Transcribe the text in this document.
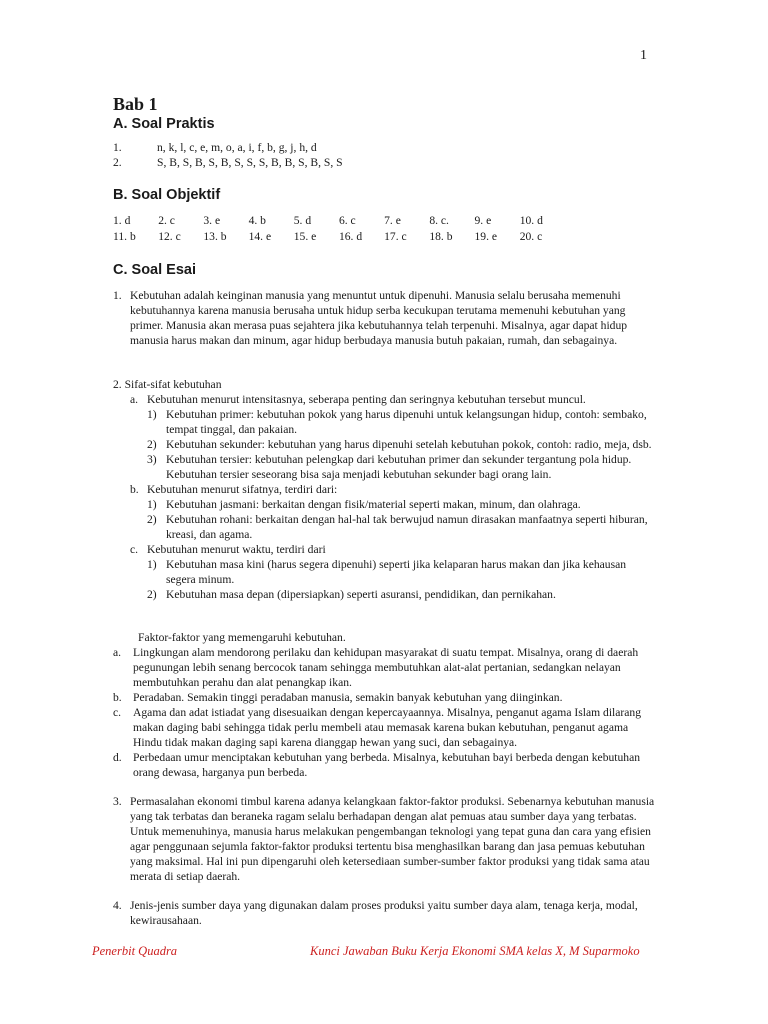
1
Bab 1
A. Soal Praktis
1.	n, k, l, c, e, m, o, a, i, f, b, g, j, h, d
2.	S, B, S, B, S, B, S, S, S, B, B, S, B, S, S
B. Soal Objektif
1. d 2. c 3. e 4. b 5. d 6. c 7. e 8. c. 9. e 10. d
11. b 12. c 13. b 14. e 15. e 16. d 17. c 18. b 19. e 20. c
C. Soal Esai
1. Kebutuhan adalah keinginan manusia yang menuntut untuk dipenuhi. Manusia selalu berusaha memenuhi kebutuhannya karena manusia berusaha untuk hidup serba kecukupan terutama memenuhi kebutuhan yang primer. Manusia akan merasa puas sejahtera jika kebutuhannya telah terpenuhi. Misalnya, agar dapat hidup manusia harus makan dan minum, agar hidup berbudaya manusia butuh pakaian, rumah, dan sebagainya.
2. Sifat-sifat kebutuhan
a. Kebutuhan menurut intensitasnya, seberapa penting dan seringnya kebutuhan tersebut muncul.
1) Kebutuhan primer: kebutuhan pokok yang harus dipenuhi untuk kelangsungan hidup, contoh: sembako, tempat tinggal, dan pakaian.
2) Kebutuhan sekunder: kebutuhan yang harus dipenuhi setelah kebutuhan pokok, contoh: radio, meja, dsb.
3) Kebutuhan tersier: kebutuhan pelengkap dari kebutuhan primer dan sekunder tergantung pola hidup. Kebutuhan tersier seseorang bisa saja menjadi kebutuhan sekunder bagi orang lain.
b. Kebutuhan menurut sifatnya, terdiri dari:
1) Kebutuhan jasmani: berkaitan dengan fisik/material seperti makan, minum, dan olahraga.
2) Kebutuhan rohani: berkaitan dengan hal-hal tak berwujud namun dirasakan manfaatnya seperti hiburan, kreasi, dan agama.
c. Kebutuhan menurut waktu, terdiri dari
1) Kebutuhan masa kini (harus segera dipenuhi) seperti jika kelaparan harus makan dan jika kehausan segera minum.
2) Kebutuhan masa depan (dipersiapkan) seperti asuransi, pendidikan, dan pernikahan.
Faktor-faktor yang memengaruhi kebutuhan.
a.	Lingkungan alam mendorong perilaku dan kehidupan masyarakat di suatu tempat. Misalnya, orang di daerah pegunungan lebih senang bercocok tanam sehingga membutuhkan alat-alat pertanian, sedangkan nelayan membutuhkan perahu dan alat penangkap ikan.
b. Peradaban. Semakin tinggi peradaban manusia, semakin banyak kebutuhan yang diinginkan.
c.	Agama dan adat istiadat yang disesuaikan dengan kepercayaannya. Misalnya, penganut agama Islam dilarang makan daging babi sehingga tidak perlu membeli atau memasak karena bukan kebutuhan, penganut agama Hindu tidak makan daging sapi karena dianggap hewan yang suci, dan sebagainya.
d. Perbedaan umur menciptakan kebutuhan yang berbeda. Misalnya, kebutuhan bayi berbeda dengan kebutuhan orang dewasa, harganya pun berbeda.
3. Permasalahan ekonomi timbul karena adanya kelangkaan faktor-faktor produksi. Sebenarnya kebutuhan manusia yang tak terbatas dan beraneka ragam selalu berhadapan dengan alat pemuas atau sumber daya yang terbatas. Untuk memenuhinya, manusia harus melakukan pengembangan teknologi yang tepat guna dan cara yang efisien agar penggunaan sejumla faktor-faktor produksi tertentu bisa menghasilkan barang dan jasa pemuas kebutuhan yang maksimal. Hal ini pun dipengaruhi oleh ketersediaan sumber-sumber faktor produksi yang tidak sama atau merata di setiap daerah.
4. Jenis-jenis sumber daya yang digunakan dalam proses produksi yaitu sumber daya alam, tenaga kerja, modal, kewirausahaan.
Penerbit Quadra	Kunci Jawaban Buku Kerja Ekonomi SMA kelas X, M Suparmoko
